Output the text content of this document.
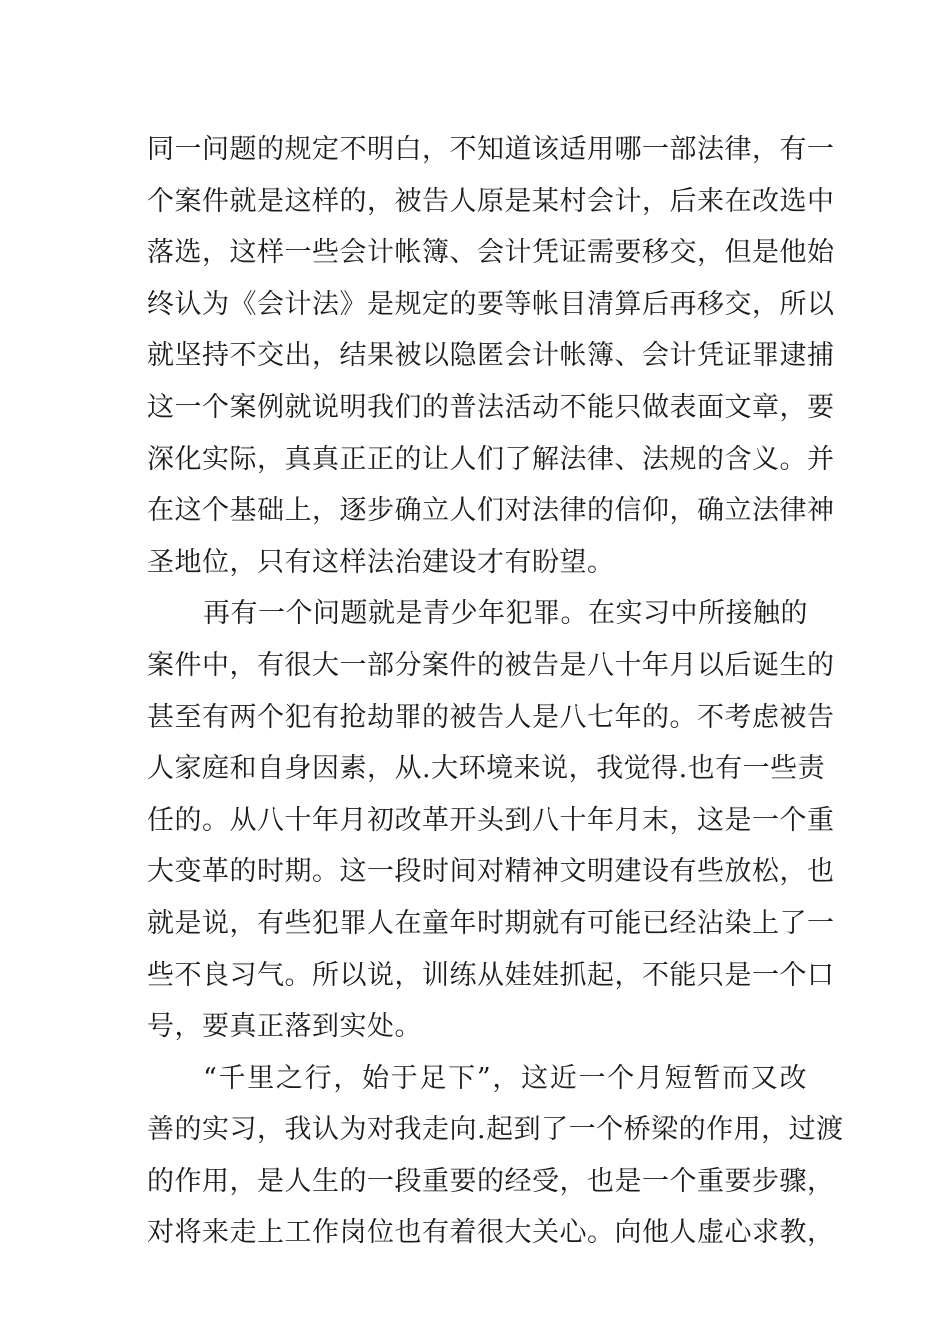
同一问题的规定不明白，不知道该适用哪一部法律，有一
个案件就是这样的，被告人原是某村会计，后来在改选中
落选，这样一些会计帐簿、会计凭证需要移交，但是他始
终认为《会计法》是规定的要等帐目清算后再移交，所以
就坚持不交出，结果被以隐匿会计帐簿、会计凭证罪逮捕
这一个案例就说明我们的普法活动不能只做表面文章，要
深化实际，真真正正的让人们了解法律、法规的含义。并
在这个基础上，逐步确立人们对法律的信仰，确立法律神
圣地位，只有这样法治建设才有盼望。
再有一个问题就是青少年犯罪。在实习中所接触的
案件中，有很大一部分案件的被告是八十年月以后诞生的
甚至有两个犯有抢劫罪的被告人是八七年的。不考虑被告
人家庭和自身因素，从.大环境来说，我觉得.也有一些责
任的。从八十年月初改革开头到八十年月末，这是一个重
大变革的时期。这一段时间对精神文明建设有些放松，也
就是说，有些犯罪人在童年时期就有可能已经沾染上了一
些不良习气。所以说，训练从娃娃抓起，不能只是一个口
号，要真正落到实处。
“千里之行，始于足下”，这近一个月短暂而又改
善的实习，我认为对我走向.起到了一个桥梁的作用，过渡
的作用，是人生的一段重要的经受，也是一个重要步骤，
对将来走上工作岗位也有着很大关心。向他人虚心求教，
